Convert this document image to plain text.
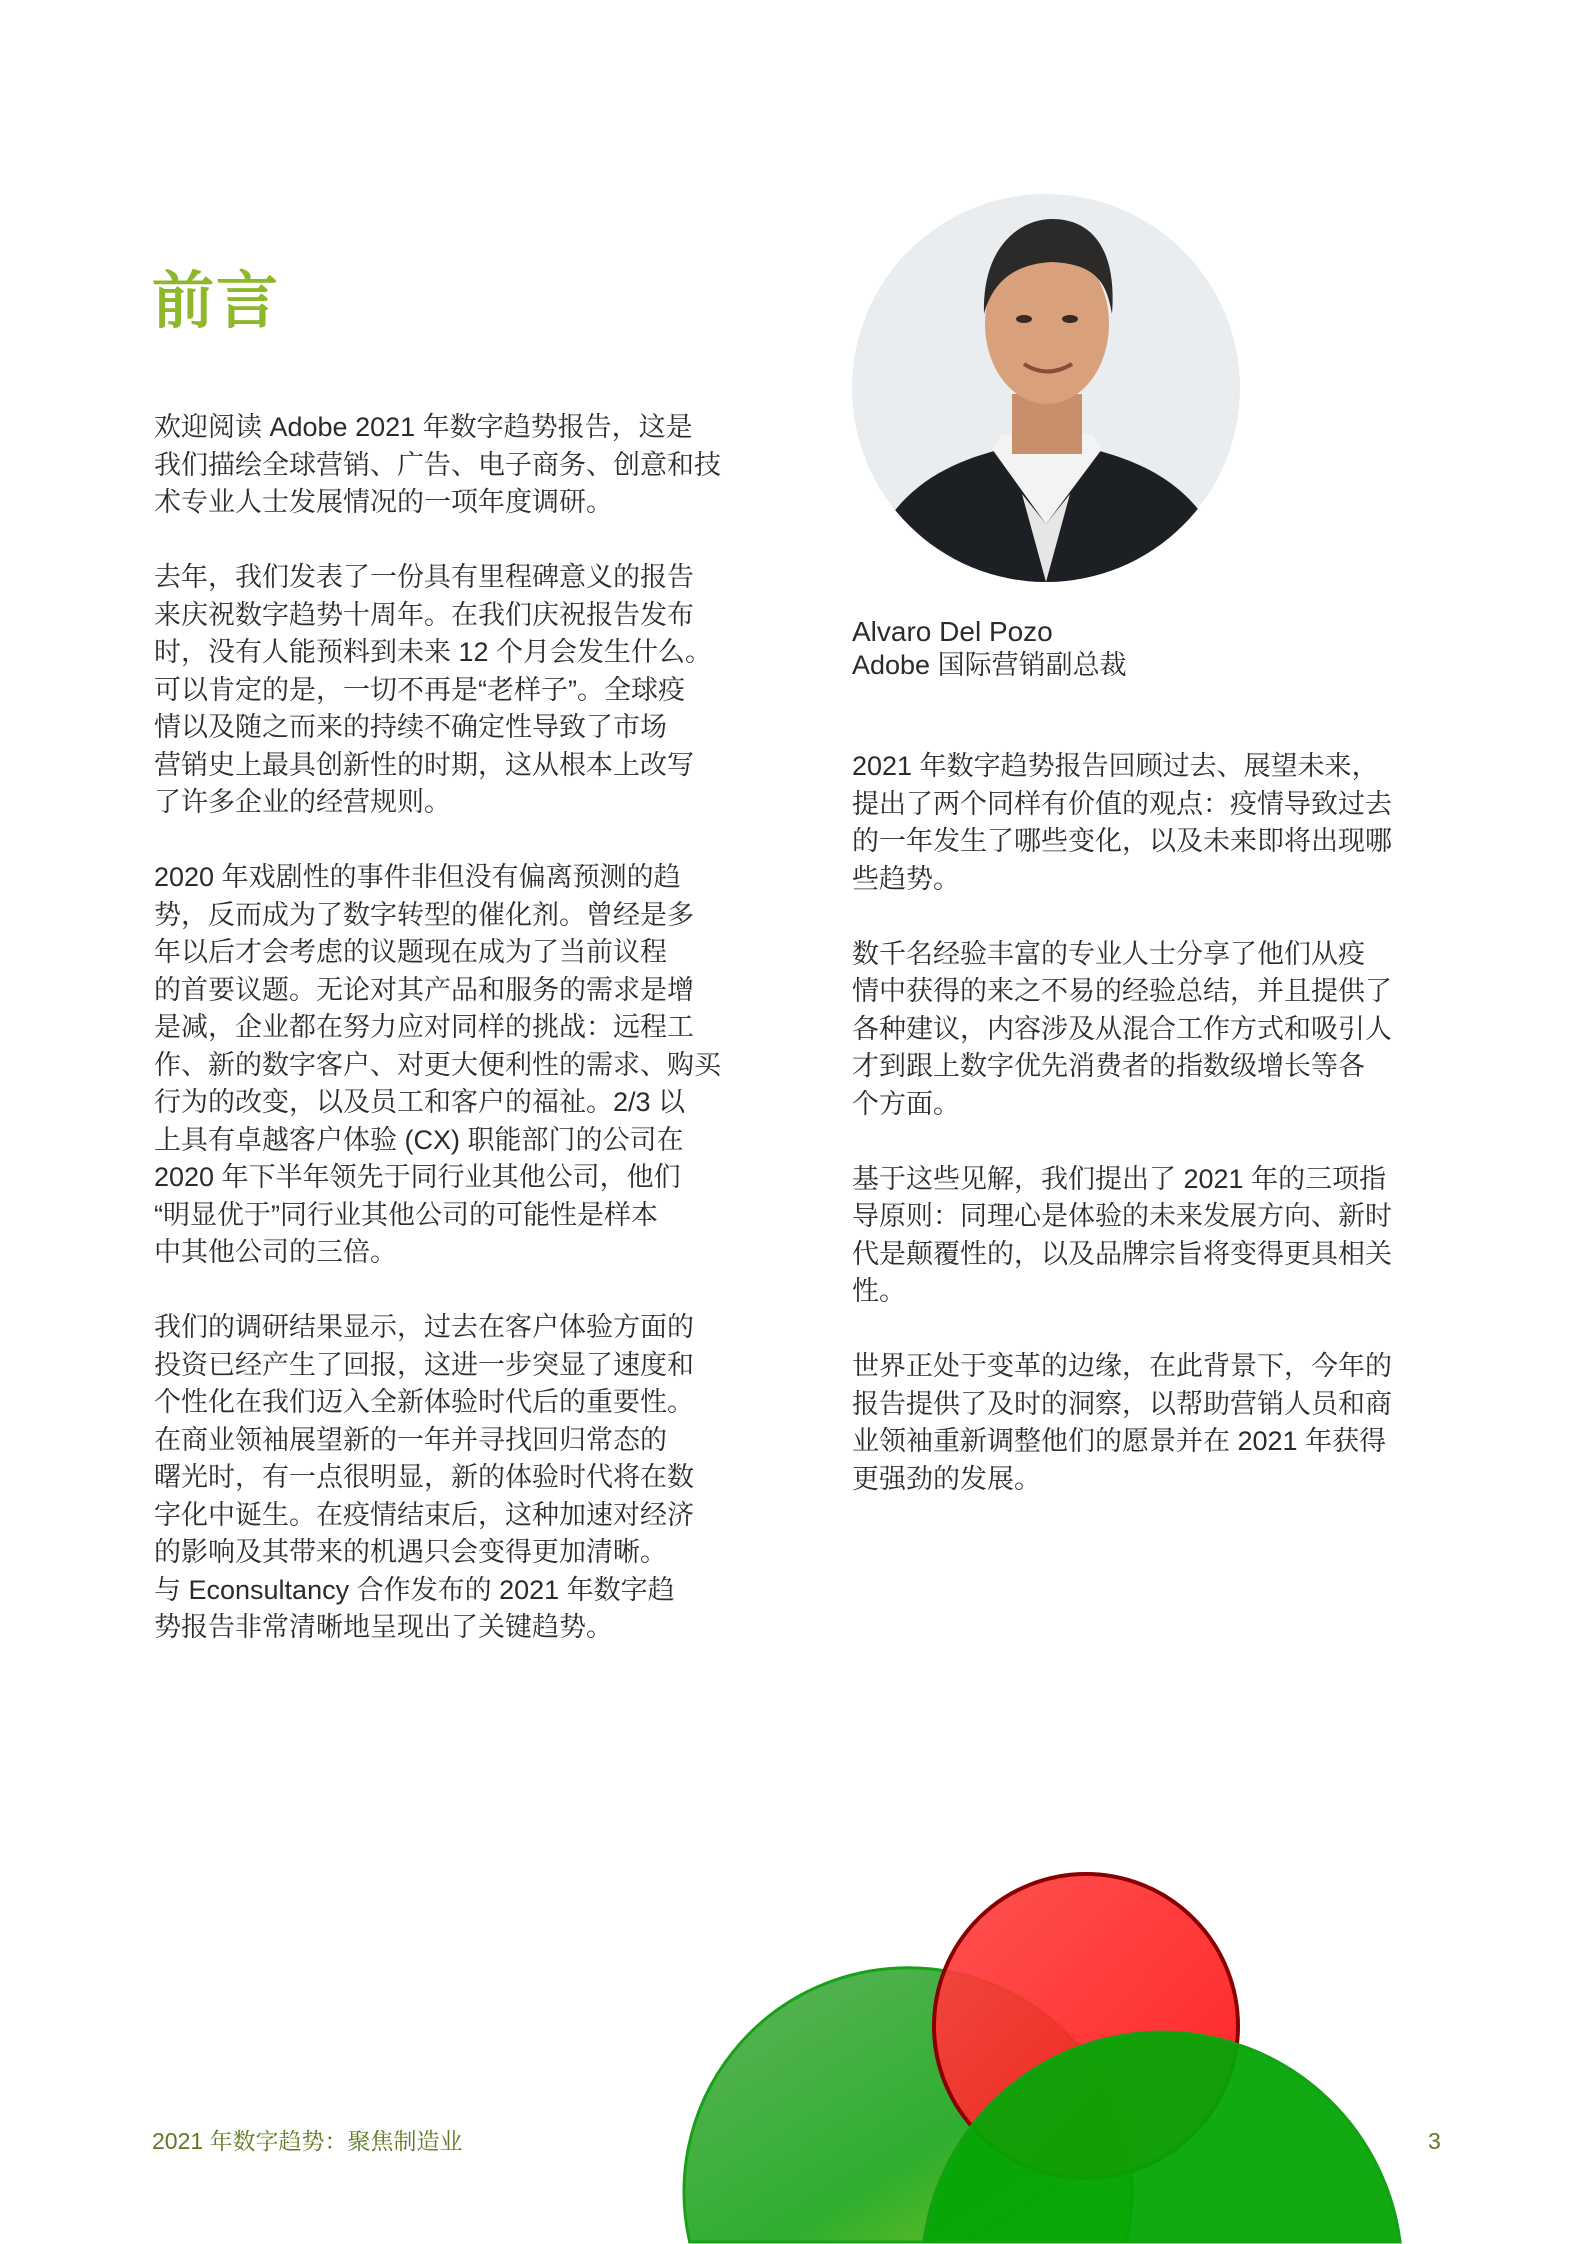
前言
Alvaro Del Pozo
Adobe 国际营销副总裁
欢迎阅读 Adobe 2021 年数字趋势报告，这是
我们描绘全球营销、广告、电子商务、创意和技
术专业人士发展情况的一项年度调研。
去年，我们发表了一份具有里程碑意义的报告
来庆祝数字趋势十周年。在我们庆祝报告发布
时，没有人能预料到未来 12 个月会发生什么。
可以肯定的是，一切不再是“老样子”。全球疫
情以及随之而来的持续不确定性导致了市场
营销史上最具创新性的时期，这从根本上改写
了许多企业的经营规则。
2020 年戏剧性的事件非但没有偏离预测的趋
势，反而成为了数字转型的催化剂。曾经是多
年以后才会考虑的议题现在成为了当前议程
的首要议题。无论对其产品和服务的需求是增
是减，企业都在努力应对同样的挑战：远程工
作、新的数字客户、对更大便利性的需求、购买
行为的改变，以及员工和客户的福祉。2/3 以
上具有卓越客户体验 (CX) 职能部门的公司在
2020 年下半年领先于同行业其他公司，他们
“明显优于”同行业其他公司的可能性是样本
中其他公司的三倍。
我们的调研结果显示，过去在客户体验方面的
投资已经产生了回报，这进一步突显了速度和
个性化在我们迈入全新体验时代后的重要性。
在商业领袖展望新的一年并寻找回归常态的
曙光时，有一点很明显，新的体验时代将在数
字化中诞生。在疫情结束后，这种加速对经济
的影响及其带来的机遇只会变得更加清晰。
与 Econsultancy 合作发布的 2021 年数字趋
势报告非常清晰地呈现出了关键趋势。
2021 年数字趋势报告回顾过去、展望未来，
提出了两个同样有价值的观点：疫情导致过去
的一年发生了哪些变化，以及未来即将出现哪
些趋势。
数千名经验丰富的专业人士分享了他们从疫
情中获得的来之不易的经验总结，并且提供了
各种建议，内容涉及从混合工作方式和吸引人
才到跟上数字优先消费者的指数级增长等各
个方面。
基于这些见解，我们提出了 2021 年的三项指
导原则：同理心是体验的未来发展方向、新时
代是颠覆性的，以及品牌宗旨将变得更具相关
性。
世界正处于变革的边缘，在此背景下，今年的
报告提供了及时的洞察，以帮助营销人员和商
业领袖重新调整他们的愿景并在 2021 年获得
更强劲的发展。
2021 年数字趋势：聚焦制造业	3
